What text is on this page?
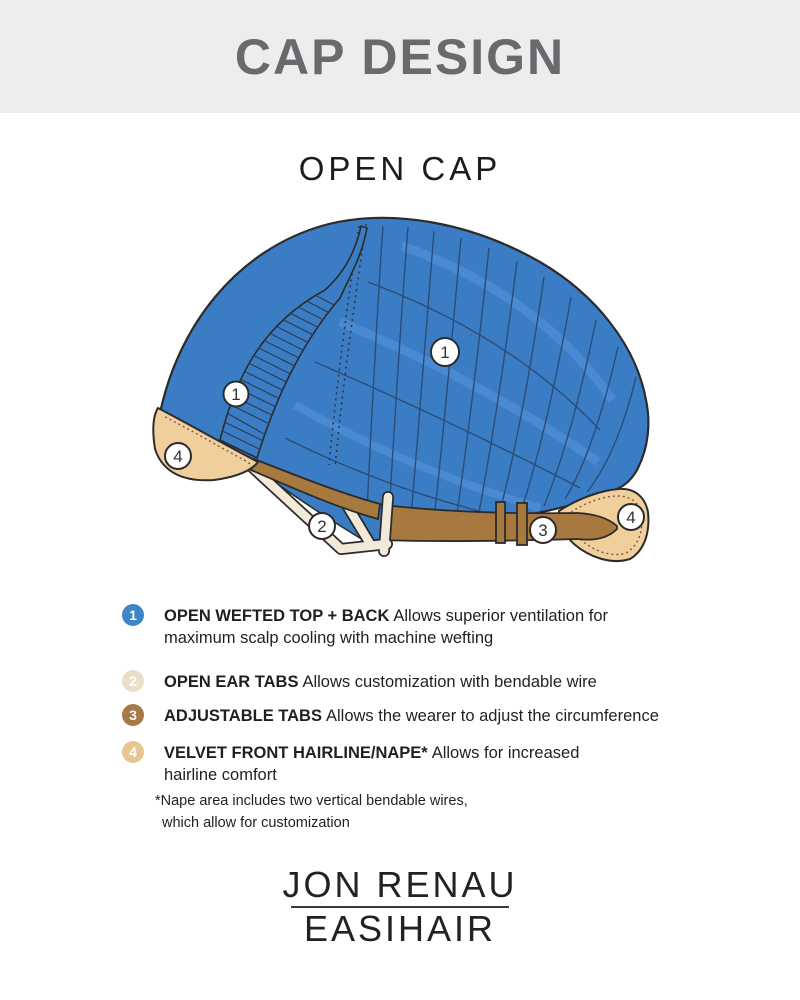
CAP DESIGN
OPEN CAP
1
1
4
2	3
4
1	OPEN WEFTED TOP + BACK Allows superior ventilation for maximum scalp cooling with machine wefting
2	OPEN EAR TABS Allows customization with bendable wire
3	ADJUSTABLE TABS Allows the wearer to adjust the circumference
4	VELVET FRONT HAIRLINE/NAPE* Allows for increased hairline comfort
*Nape area includes two vertical bendable wires,
which allow for customization
JON RENAU
EASIHAIR
